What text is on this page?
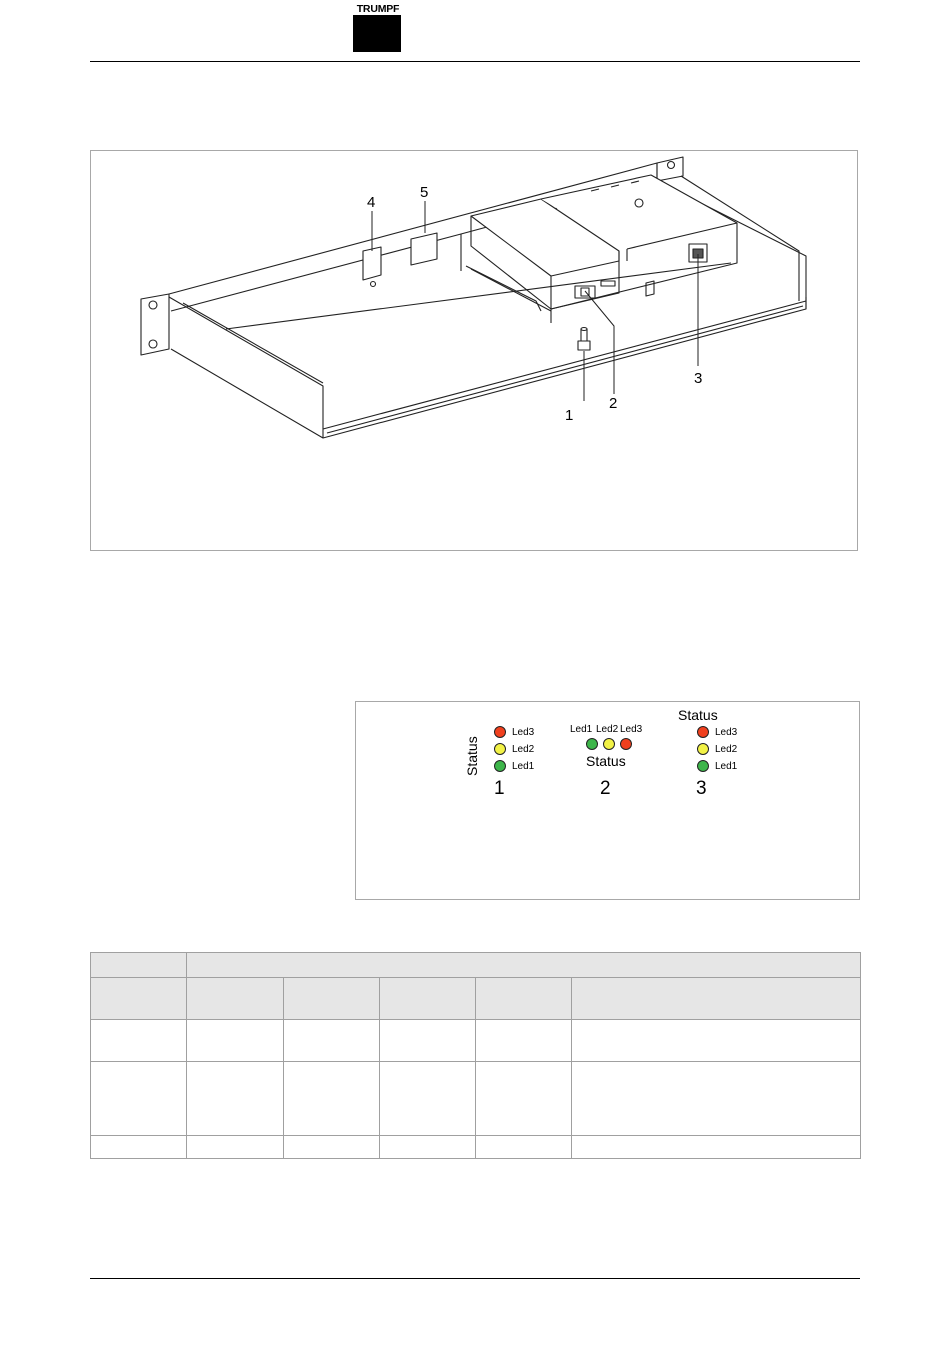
TRUMPF
1
2
3
4
5
Status
Led3
Led2
Led1
1
Led1 Led2 Led3
Status
2
Status
Led3
Led2
Led1
3
